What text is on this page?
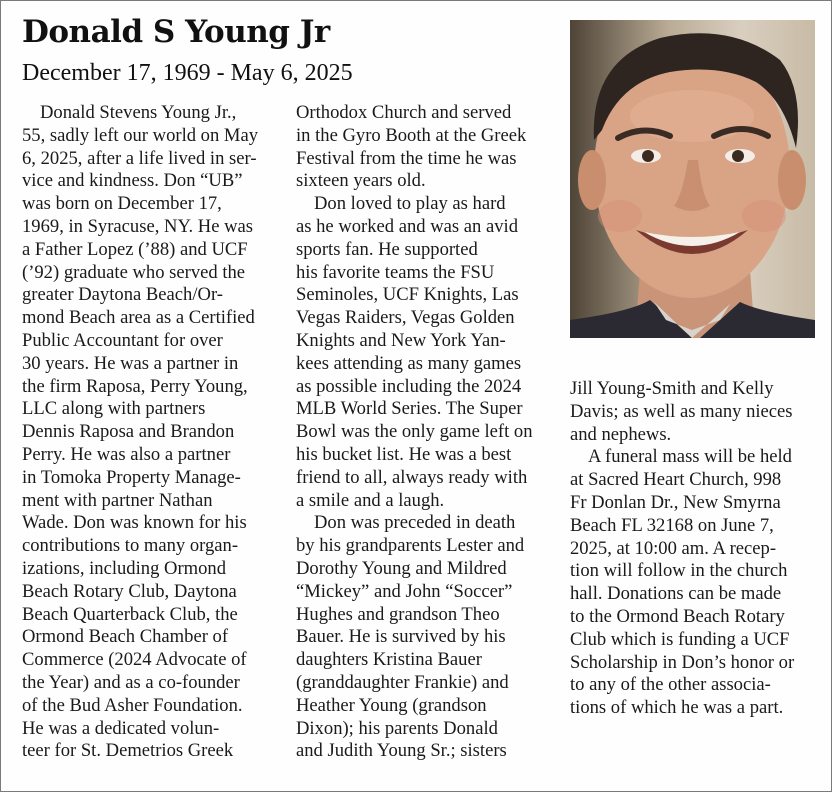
Donald S Young Jr
December 17, 1969 - May 6, 2025
Donald Stevens Young Jr.,
55, sadly left our world on May
6, 2025, after a life lived in ser-
vice and kindness. Don “UB”
was born on December 17,
1969, in Syracuse, NY. He was
a Father Lopez (’88) and UCF
(’92) graduate who served the
greater Daytona Beach/Or-
mond Beach area as a Certified
Public Accountant for over
30 years. He was a partner in
the firm Raposa, Perry Young,
LLC along with partners
Dennis Raposa and Brandon
Perry. He was also a partner
in Tomoka Property Manage-
ment with partner Nathan
Wade. Don was known for his
contributions to many organ-
izations, including Ormond
Beach Rotary Club, Daytona
Beach Quarterback Club, the
Ormond Beach Chamber of
Commerce (2024 Advocate of
the Year) and as a co-founder
of the Bud Asher Foundation.
He was a dedicated volun-
teer for St. Demetrios Greek
Orthodox Church and served
in the Gyro Booth at the Greek
Festival from the time he was
sixteen years old.
Don loved to play as hard
as he worked and was an avid
sports fan. He supported
his favorite teams the FSU
Seminoles, UCF Knights, Las
Vegas Raiders, Vegas Golden
Knights and New York Yan-
kees attending as many games
as possible including the 2024
MLB World Series. The Super
Bowl was the only game left on
his bucket list. He was a best
friend to all, always ready with
a smile and a laugh.
Don was preceded in death
by his grandparents Lester and
Dorothy Young and Mildred
“Mickey” and John “Soccer”
Hughes and grandson Theo
Bauer. He is survived by his
daughters Kristina Bauer
(granddaughter Frankie) and
Heather Young (grandson
Dixon); his parents Donald
and Judith Young Sr.; sisters
Jill Young-Smith and Kelly
Davis; as well as many nieces
and nephews.
A funeral mass will be held
at Sacred Heart Church, 998
Fr Donlan Dr., New Smyrna
Beach FL 32168 on June 7,
2025, at 10:00 am. A recep-
tion will follow in the church
hall. Donations can be made
to the Ormond Beach Rotary
Club which is funding a UCF
Scholarship in Don’s honor or
to any of the other associa-
tions of which he was a part.
